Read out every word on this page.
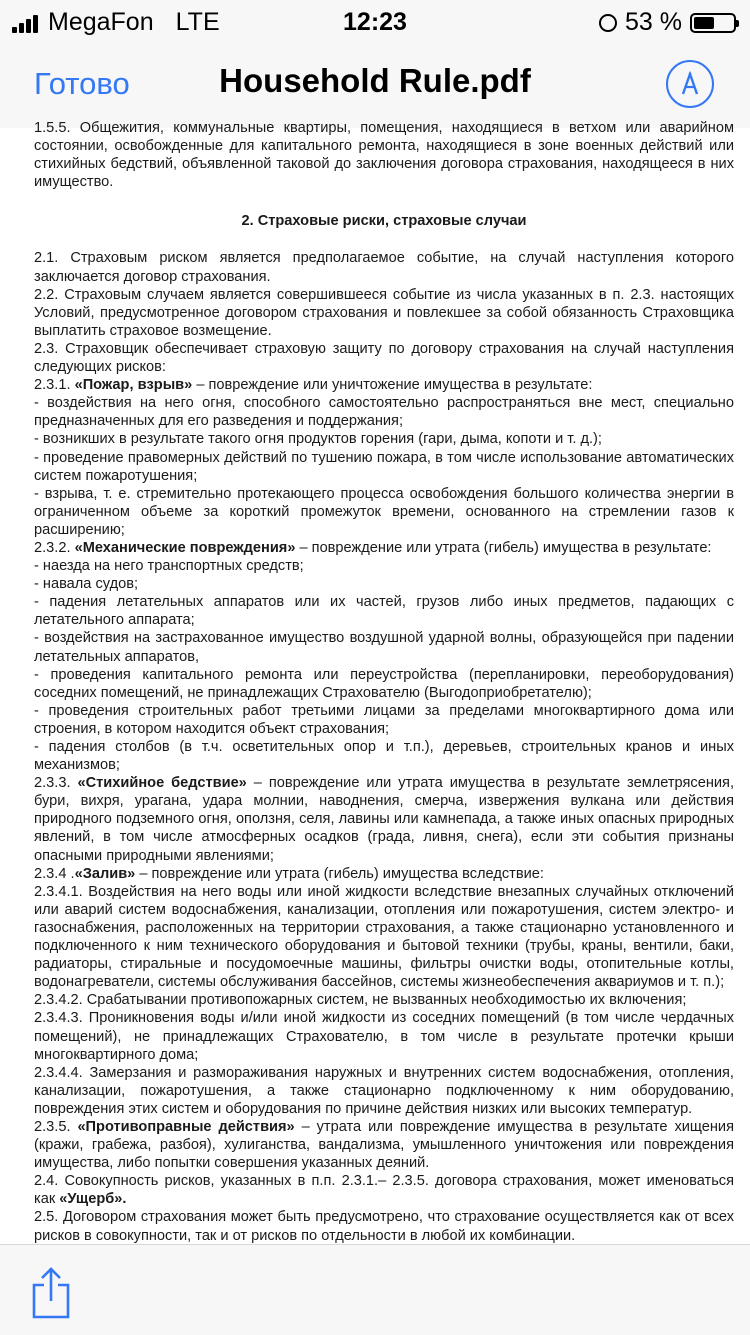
MegaFon LTE	12:23	53 %
Готово	Household Rule.pdf

1.5.5. Общежития, коммунальные квартиры, помещения, находящиеся в ветхом или аварийном состоянии, освобожденные для капитального ремонта, находящиеся в зоне военных действий или стихийных бедствий, объявленной таковой до заключения договора страхования, находящееся в них имущество.

2. Страховые риски, страховые случаи

2.1. Страховым риском является предполагаемое событие, на случай наступления которого заключается договор страхования.

2.2. Страховым случаем является совершившееся событие из числа указанных в п. 2.3. настоящих Условий, предусмотренное договором страхования и повлекшее за собой обязанность Страховщика выплатить страховое возмещение.

2.3. Страховщик обеспечивает страховую защиту по договору страхования на случай наступления следующих рисков:

2.3.1. «Пожар, взрыв» – повреждение или уничтожение имущества в результате:

- воздействия на него огня, способного самостоятельно распространяться вне мест, специально предназначенных для его разведения и поддержания;

- возникших в результате такого огня продуктов горения (гари, дыма, копоти и т. д.);

- проведение правомерных действий по тушению пожара, в том числе использование автоматических систем пожаротушения;

- взрыва, т. е. стремительно протекающего процесса освобождения большого количества энергии в ограниченном объеме за короткий промежуток времени, основанного на стремлении газов к расширению;

2.3.2. «Механические повреждения» – повреждение или утрата (гибель) имущества в результате:

- наезда на него транспортных средств;

- навала судов;

- падения летательных аппаратов или их частей, грузов либо иных предметов, падающих с летательного аппарата;

- воздействия на застрахованное имущество воздушной ударной волны, образующейся при падении летательных аппаратов,

- проведения капитального ремонта или переустройства (перепланировки, переоборудования) соседних помещений, не принадлежащих Страхователю (Выгодоприобретателю);

- проведения строительных работ третьими лицами за пределами многоквартирного дома или строения, в котором находится объект страхования;

- падения столбов (в т.ч. осветительных опор и т.п.), деревьев, строительных кранов и иных механизмов;

2.3.3. «Стихийное бедствие» – повреждение или утрата имущества в результате землетрясения, бури, вихря, урагана, удара молнии, наводнения, смерча, извержения вулкана или действия природного подземного огня, оползня, селя, лавины или камнепада, а также иных опасных природных явлений, в том числе атмосферных осадков (града, ливня, снега), если эти события признаны опасными природными явлениями;

2.3.4 .«Залив» – повреждение или утрата (гибель) имущества вследствие:

2.3.4.1. Воздействия на него воды или иной жидкости вследствие внезапных случайных отключений или аварий систем водоснабжения, канализации, отопления или пожаротушения, систем электро- и газоснабжения, расположенных на территории страхования, а также стационарно установленного и подключенного к ним технического оборудования и бытовой техники (трубы, краны, вентили, баки, радиаторы, стиральные и посудомоечные машины, фильтры очистки воды, отопительные котлы, водонагреватели, системы обслуживания бассейнов, системы жизнеобеспечения аквариумов и т. п.);

2.3.4.2. Срабатывании противопожарных систем, не вызванных необходимостью их включения;

2.3.4.3. Проникновения воды и/или иной жидкости из соседних помещений (в том числе чердачных помещений), не принадлежащих Страхователю, в том числе в результате протечки крыши многоквартирного дома;

2.3.4.4. Замерзания и размораживания наружных и внутренних систем водоснабжения, отопления, канализации, пожаротушения, а также стационарно подключенному к ним оборудованию, повреждения этих систем и оборудования по причине действия низких или высоких температур.

2.3.5. «Противоправные действия» – утрата или повреждение имущества в результате хищения (кражи, грабежа, разбоя), хулиганства, вандализма, умышленного уничтожения или повреждения имущества, либо попытки совершения указанных деяний.

2.4. Совокупность рисков, указанных в п.п. 2.3.1.– 2.3.5. договора страхования, может именоваться как «Ущерб».

2.5. Договором страхования может быть предусмотрено, что страхование осуществляется как от всех рисков в совокупности, так и от рисков по отдельности в любой их комбинации.
